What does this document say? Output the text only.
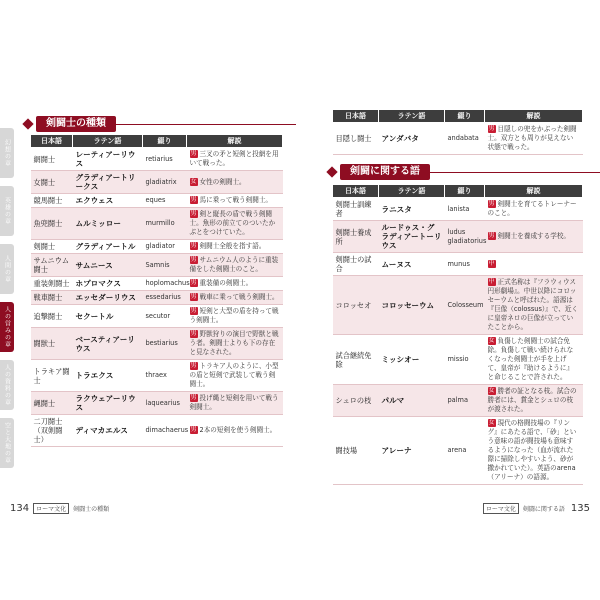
幻想の章
英雄の章
人間の章
人の営みの章
人の資料の章
空と大地の章
剣闘士の種類
日本語	ラテン語	綴り	解説
網闘士	レーティアーリウス	retiarius	男 三叉の矛と短剣と投網を用いて戦った。
女闘士	グラディアートリークス	gladiatrix	女 女性の剣闘士。
競馬闘士	エクウェス	eques	男 馬に乗って戦う剣闘士。
魚兜闘士	ムルミッロー	murmillo	男 剣と縦長の盾で戦う剣闘士。魚形の前立てのついたかぶとをつけていた。
剣闘士	グラディアートル	gladiator	男 剣闘士全般を指す語。
サムニウム闘士	サムニース	Samnis	男 サムニウム人のように重装備をした剣闘士のこと。
重装剣闘士	ホプロマクス	hoplomachus	男 重装備の剣闘士。
戦車闘士	エッセダーリウス	essedarius	男 戦車に乗って戦う剣闘士。
追撃闘士	セクートル	secutor	男 短剣と大型の盾を持って戦う剣闘士。
闘獣士	ベースティアーリウス	bestiarius	男 野獣狩りの演目で野獣と戦う者。剣闘士よりも下の存在と見なされた。
トラキア闘士	トラエクス	thraex	男 トラキア人のように、小型の盾と短剣で武装して戦う剣闘士。
縄闘士	ラクウェアーリウス	laquearius	男 投げ縄と短剣を用いて戦う剣闘士。
二刀闘士（双剣闘士）	ディマカエルス	dimachaerus	男 2本の短剣を使う剣闘士。
134	ローマ文化	剣闘士の種類
日本語	ラテン語	綴り	解説
目隠し闘士	アンダバタ	andabata	男 目隠しの兜をかぶった剣闘士。双方とも周りが見えない状態で戦った。
剣闘に関する語
日本語	ラテン語	綴り	解説
剣闘士訓練者	ラニスタ	lanista	男 剣闘士を育てるトレーナーのこと。
剣闘士養成所	ルードゥス・グラディアートーリウス	ludus gladiatorius	男 剣闘士を養成する学校。
剣闘士の試合	ムーヌス	munus	中
コロッセオ	コロッセーウム	Colosseum	中 正式名称は『フラウィウス円形劇場』。中世以降にコロッセーウムと呼ばれた。語源は『巨像（colossus）』で、近くに皇帝ネロの巨像が立っていたことから。
試合継続免除	ミッシオー	missio	女 負傷した剣闘士の試合免除。負傷して戦い続けられなくなった剣闘士が手を上げて、皇帝が『助けるように』と命じることで許された。
シュロの枝	パルマ	palma	女 勝者の証となる枝。試合の勝者には、賞金とシュロの枝が渡された。
闘技場	アレーナ	arena	女 現代の格闘技場の『リング』にあたる語で、「砂」という意味の語が闘技場も意味するようになった（血が流れた際に掃除しやすいよう、砂が撒かれていた）。英語のarena（アリーナ）の語源。
ローマ文化	剣闘に関する語 135
